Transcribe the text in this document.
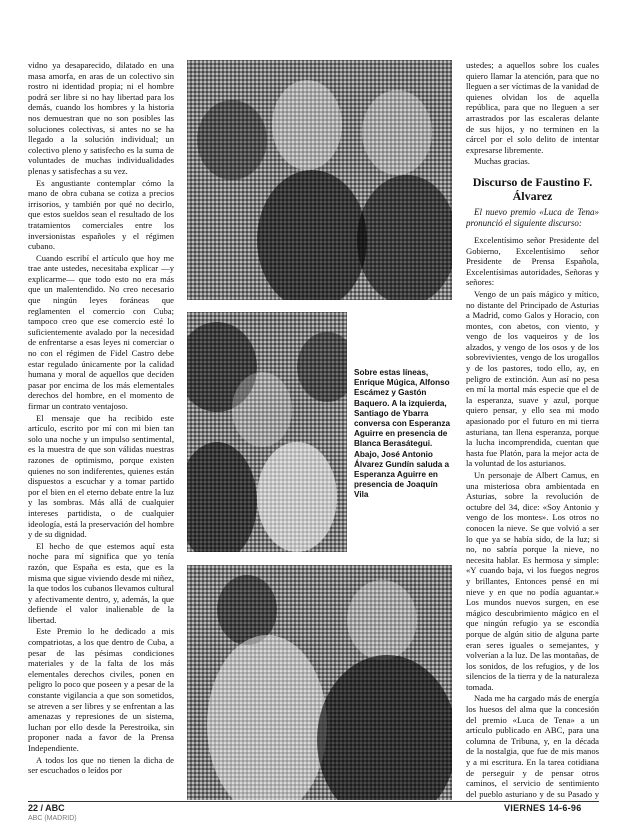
vidno ya desaparecido, dilatado en una masa amorfa, en aras de un colectivo sin rostro ni identidad propia; ni el hombre podrá ser libre si no hay libertad para los demás, cuando los hombres y la historia nos demuestran que no son posibles las soluciones colectivas, si antes no se ha llegado a la solución individual; un colectivo pleno y satisfecho es la suma de voluntades de muchas individualidades plenas y satisfechas a su vez.

Es angustiante contemplar cómo la mano de obra cubana se cotiza a precios irrisorios, y también por qué no decirlo, que estos sueldos sean el resultado de los tratamientos comerciales entre los inversionistas españoles y el régimen cubano.

Cuando escribí el artículo que hoy me trae ante ustedes, necesitaba explicar —y explicarme— que todo esto no era más que un malentendido. No creo necesario que ningún leyes foráneas que reglamenten el comercio con Cuba; tampoco creo que ese comercio esté lo suficientemente avalado por la necesidad de enfrentarse a esas leyes ni comerciar o no con el régimen de Fidel Castro debe estar regulado únicamente por la calidad humana y moral de aquellos que deciden pasar por encima de los más elementales derechos del hombre, en el momento de firmar un contrato ventajoso.

El mensaje que ha recibido este artículo, escrito por mí con mi bien tan solo una noche y un impulso sentimental, es la muestra de que son válidas nuestras razones de optimismo, porque existen quienes no son indiferentes, quienes están dispuestos a escuchar y a tomar partido por el bien en el eterno debate entre la luz y las sombras. Más allá de cualquier intereses partidista, o de cualquier ideología, está la preservación del hombre y de su dignidad.

El hecho de que estemos aquí esta noche para mí significa que yo tenía razón, que España es esta, que es la misma que sigue viviendo desde mi niñez, la que todos los cubanos llevamos cultural y afectivamente dentro, y, además, la que defiende el valor inalienable de la libertad.

Este Premio lo he dedicado a mis compatriotas, a los que dentro de Cuba, a pesar de las pésimas condiciones materiales y de la falta de los más elementales derechos civiles, ponen en peligro lo poco que poseen y a pesar de la constante vigilancia a que son sometidos, se atreven a ser libres y se enfrentan a las amenazas y represiones de un sistema, luchan por ello desde la Perestroika, sin proponer nada a favor de la Prensa Independiente.

A todos los que no tienen la dicha de ser escuchados o leídos por

Sobre estas líneas, Enrique Múgica, Alfonso Escámez y Gastón Baquero. A la izquierda, Santiago de Ybarra conversa con Esperanza Aguirre en presencia de Blanca Berasátegui. Abajo, José Antonio Álvarez Gundín saluda a Esperanza Aguirre en presencia de Joaquín Vila

ustedes; a aquellos sobre los cuales quiero llamar la atención, para que no lleguen a ser víctimas de la vanidad de quienes olvidan los de aquella república, para que no lleguen a ser arrastrados por las escaleras delante de sus hijos, y no terminen en la cárcel por el solo delito de intentar expresarse libremente.

Muchas gracias.

Discurso de Faustino F. Álvarez
El nuevo premio «Luca de Tena» pronunció el siguiente discurso:

Excelentísimo señor Presidente del Gobierno, Excelentísimo señor Presidente de Prensa Española, Excelentísimas autoridades, Señoras y señores:

Vengo de un país mágico y mítico, no distante del Principado de Asturias a Madrid, como Galos y Horacio, con montes, con abetos, con viento, y vengo de los vaqueiros y de los alzados, y vengo de los osos y de los sobrevivientes, vengo de los urogallos y de los pastores, todo ello, ay, en peligro de extinción. Aun así no pesa en mí la mortal más especie que el de la esperanza, suave y azul, porque quiero pensar, y ello sea mi modo apasionado por el futuro en mi tierra asturiana, tan llena esperanza, porque la lucha incomprendida, cuentan que hasta fue Platón, para la mejor acta de la voluntad de los asturianos.

Un personaje de Albert Camus, en una misteriosa obra ambientada en Asturias, sobre la revolución de octubre del 34, dice: «Soy Antonio y vengo de los montes». Los otros no conocen la nieve. Se que volvió a ser lo que ya se había sido, de la luz; si no, no sabría porque la nieve, no necesita hablar. Es hermosa y simple: «Y cuando baja, vi los fuegos negros y brillantes, Entonces pensé en mi nieve y en que no podía aguantar.» Los mundos nuevos surgen, en ese mágico descubrimiento mágico en el que ningún refugio ya se escondía porque de algún sitio de alguna parte eran seres iguales o semejantes, y volverían a la luz. De las montañas, de los sonidos, de los refugios, y de los silencios de la tierra y de la naturaleza tomada.

Nada me ha cargado más de energía los huesos del alma que la concesión del premio «Luca de Tena» a un artículo publicado en ABC, para una columna de Tribuna, y, en la década de la nostalgia, que fue de mis manos y a mi escritura. En la tarea cotidiana de perseguir y de pensar otros caminos, el servicio de sentimiento del pueblo asturiano y de su Pasado y

22 / ABC	VIERNES 14-6-96
ABC (MADRID)
